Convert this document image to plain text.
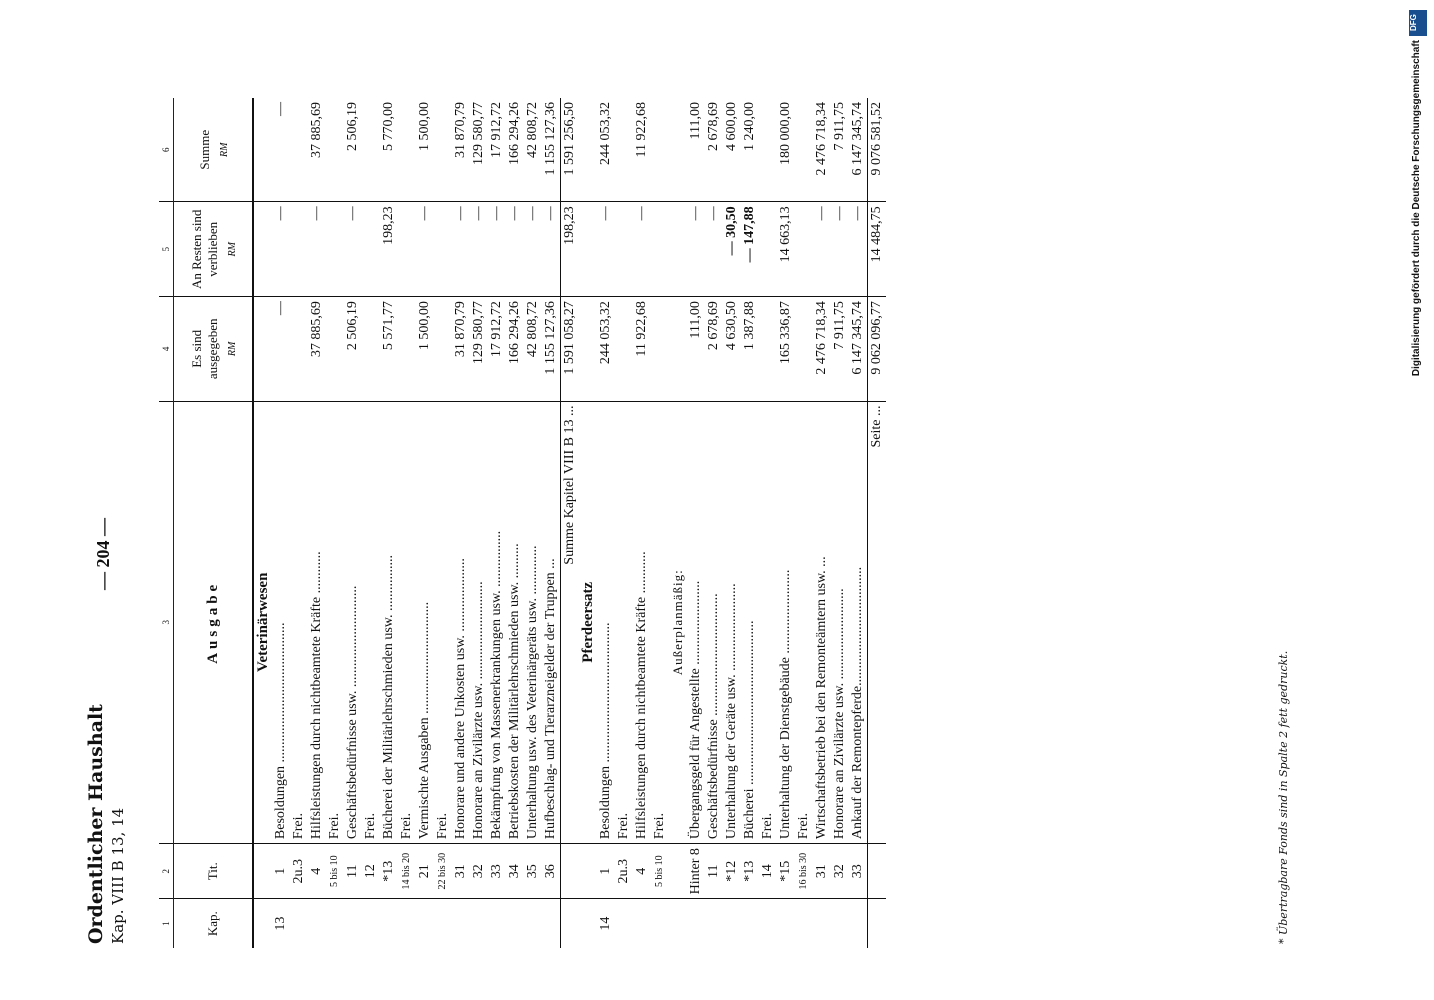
Ordentlicher Haushalt Kap. VIII B 13, 14
— 204 —
1	2	3	4	5	6
Kap.	Tit.	Ausgabe	Es sind ausgegeben RM	An Resten sind verblieben RM	Summe RM

		Veterinärwesen			
13	1	Besoldungen ........................................	—	—	—
	2u.3	Frei.			
	4	Hilfsleistungen durch nichtbeamtete Kräfte ............	37 885,69	—	37 885,69
	5 bis 10	Frei.			
	11	Geschäftsbedürfnisse usw. .............................	2 506,19	—	2 506,19
	12	Frei.			
	*13	Bücherei der Militärlehrschmieden usw. ................	5 571,77	198,23	5 770,00
	14 bis 20	Frei.			
	21	Vermischte Ausgaben ................................	1 500,00	—	1 500,00
	22 bis 30	Frei.			
	31	Honorare und andere Unkosten usw. .....................	31 870,79	—	31 870,79
	32	Honorare an Zivilärzte usw. ............................	129 580,77	—	129 580,77
	33	Bekämpfung von Massenerkrankungen usw. ................	17 912,72	—	17 912,72
	34	Betriebskosten der Militärlehrschmieden usw. ..........	166 294,26	—	166 294,26
	35	Unterhaltung usw. des Veterinärgeräts usw. ..............	42 808,72	—	42 808,72
	36	Hufbeschlag- und Tierarzneigelder der Truppen ...	1 155 127,36	—	1 155 127,36
		Summe Kapitel VIII B 13 ...	1 591 058,27	198,23	1 591 256,50
		Pferdeersatz			
14	1	Besoldungen ........................................	244 053,32	—	244 053,32
	2u.3	Frei.			
	4	Hilfsleistungen durch nichtbeamtete Kräfte ............	11 922,68	—	11 922,68
	5 bis 10	Frei.			
		Außerplanmäßig:			
	Hinter 8	Übergangsgeld für Angestellte ........................	111,00	—	111,00
	11	Geschäftsbedürfnisse ...................................	2 678,69	—	2 678,69
	*12	Unterhaltung der Geräte usw. .........................	4 630,50	— 30,50	4 600,00
	*13	Bücherei ...............................................	1 387,88	— 147,88	1 240,00
	14	Frei.			
	*15	Unterhaltung der Dienstgebäude ........................	165 336,87	14 663,13	180 000,00
	16 bis 30	Frei.			
	31	Wirtschaftsbetrieb bei den Remonteämtern usw. ...	2 476 718,34	—	2 476 718,34
	32	Honorare an Zivilärzte usw. ..........................	7 911,75	—	7 911,75
	33	Ankauf der Remontepferde..................................	6 147 345,74	—	6 147 345,74
		Seite ...	9 062 096,77	14 484,75	9 076 581,52
* Übertragbare Fonds sind in Spalte 2 fett gedruckt.
DFG
Digitalisierung gefördert durch die Deutsche Forschungsgemeinschaft
